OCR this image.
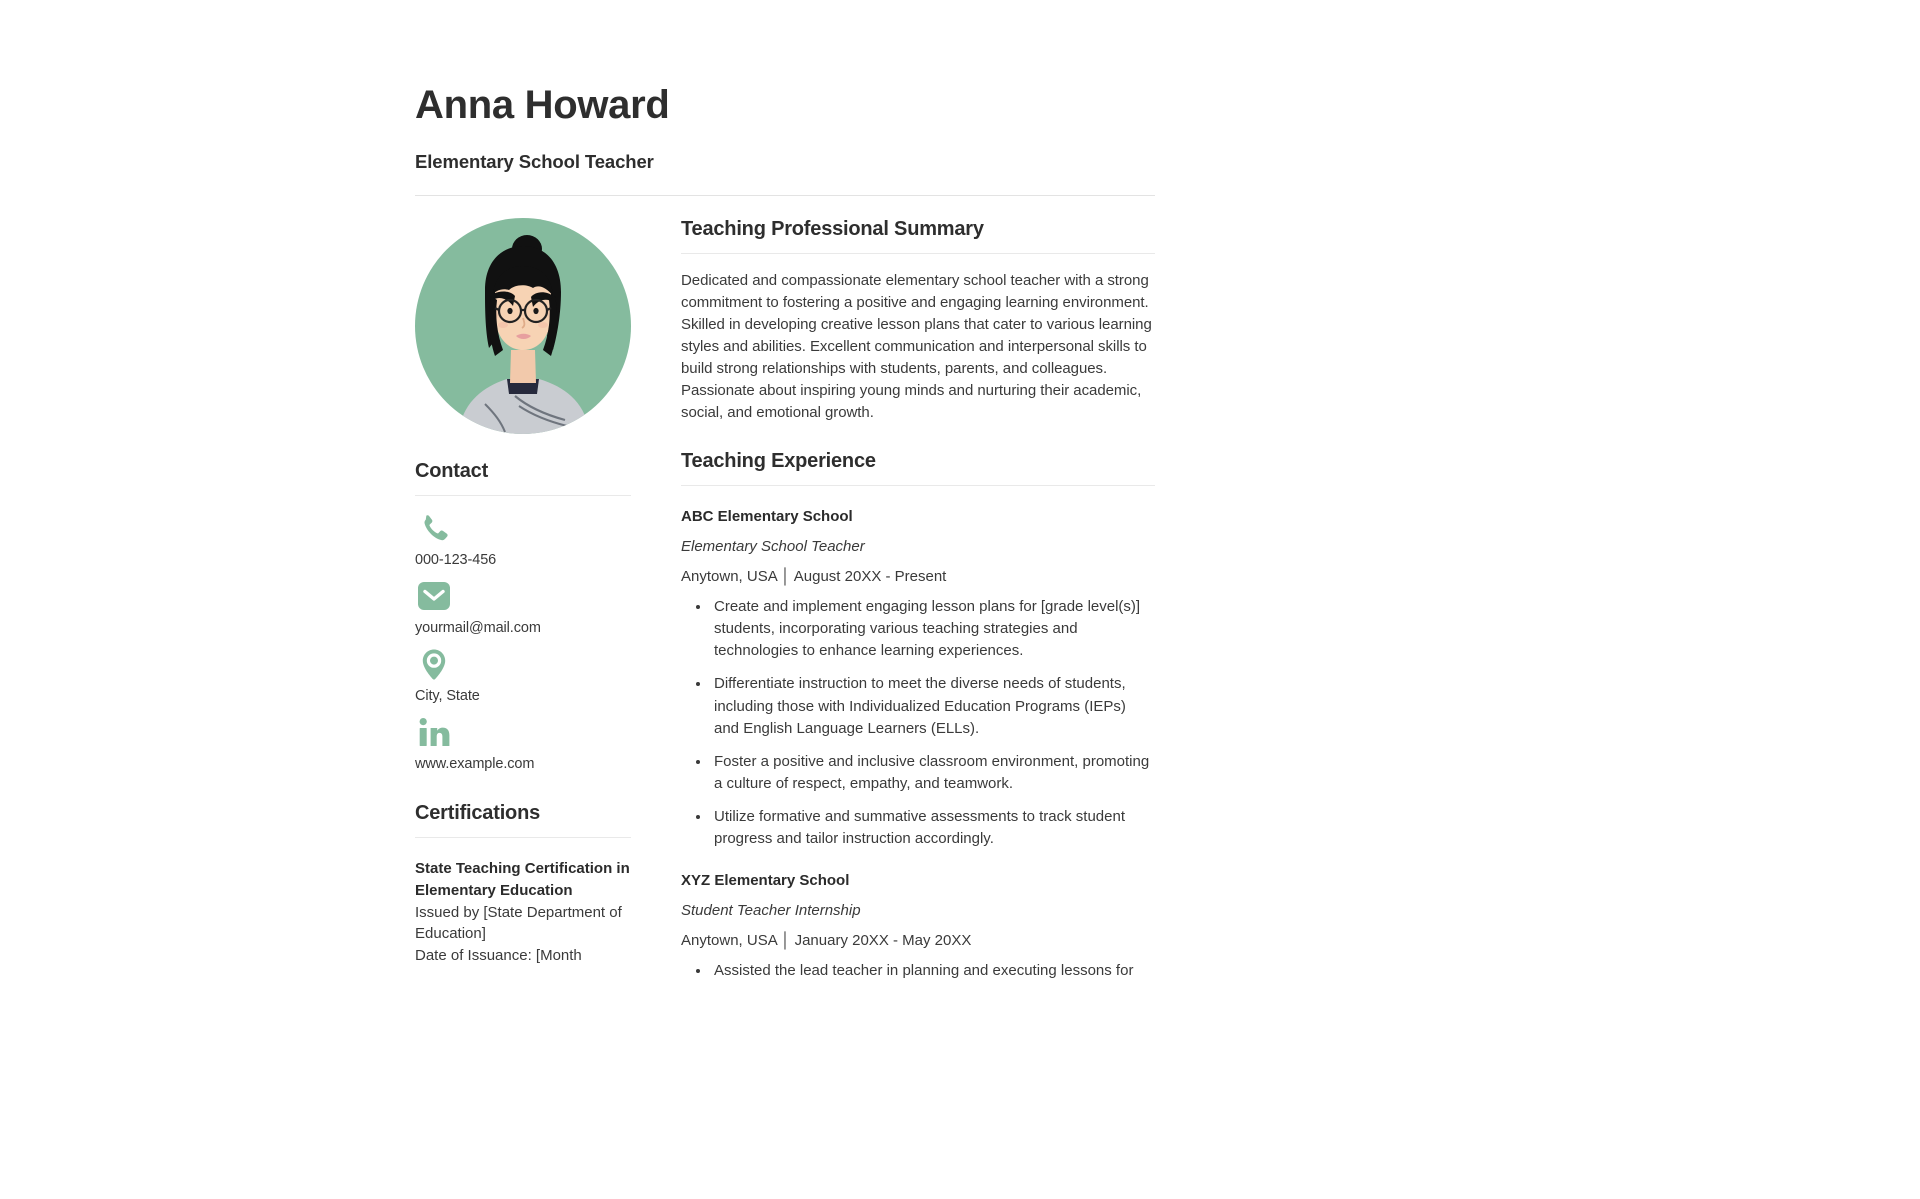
Anna Howard
Elementary School Teacher
Contact
000-123-456
yourmail@mail.com
City, State
www.example.com
Certifications
State Teaching Certification in Elementary Education
Issued by [State Department of Education]
Date of Issuance: [Month
Teaching Professional Summary

Dedicated and compassionate elementary school teacher with a strong commitment to fostering a positive and engaging learning environment. Skilled in developing creative lesson plans that cater to various learning styles and abilities. Excellent communication and interpersonal skills to build strong relationships with students, parents, and colleagues. Passionate about inspiring young minds and nurturing their academic, social, and emotional growth.

Teaching Experience
ABC Elementary School
Elementary School Teacher
Anytown, USA │ August 20XX - Present
• Create and implement engaging lesson plans for [grade level(s)] students, incorporating various teaching strategies and technologies to enhance learning experiences.
• Differentiate instruction to meet the diverse needs of students, including those with Individualized Education Programs (IEPs) and English Language Learners (ELLs).
• Foster a positive and inclusive classroom environment, promoting a culture of respect, empathy, and teamwork.
• Utilize formative and summative assessments to track student progress and tailor instruction accordingly.
XYZ Elementary School
Student Teacher Internship
Anytown, USA │ January 20XX - May 20XX
• Assisted the lead teacher in planning and executing lessons for
